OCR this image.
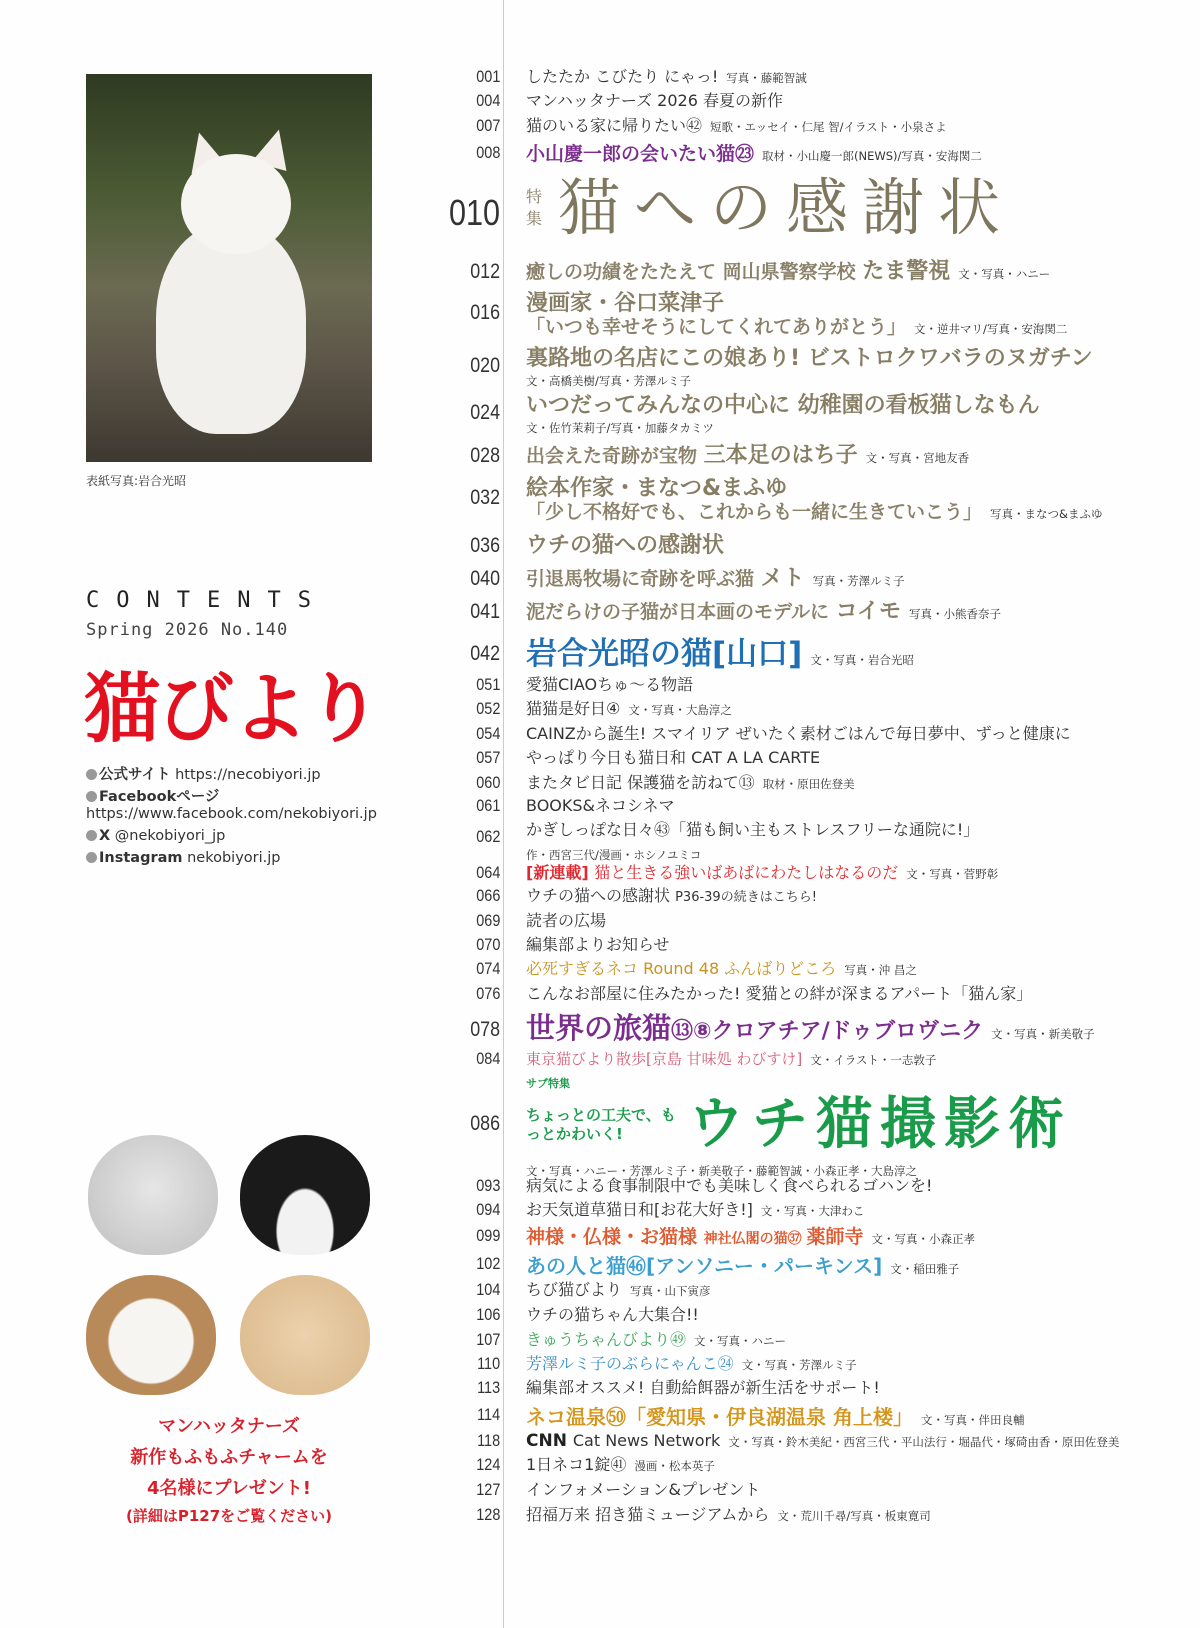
表紙写真:岩合光昭
CONTENTS
Spring 2026 No.140
猫びより
公式サイト https://necobiyori.jp
Facebookページ
https://www.facebook.com/nekobiyori.jp
X @nekobiyori_jp
Instagram nekobiyori.jp
マンハッタナーズ
新作もふもふチャームを
4名様にプレゼント!
(詳細はP127をご覧ください)
001 したたか こびたり にゃっ! 写真・藤範智誠
004 マンハッタナーズ 2026 春夏の新作
007 猫のいる家に帰りたい㊷ 短歌・エッセイ・仁尾 智/イラスト・小泉さよ
008 小山慶一郎の会いたい猫㉓ 取材・小山慶一郎(NEWS)/写真・安海関二
010 特集 猫への感謝状
012 癒しの功績をたたえて 岡山県警察学校 たま警視 文・写真・ハニー
016 漫画家・谷口菜津子
「いつも幸せそうにしてくれてありがとう」 文・逆井マリ/写真・安海関二
020 裏路地の名店にこの娘あり! ビストロクワバラのヌガチン
文・高橋美樹/写真・芳澤ルミ子
024 いつだってみんなの中心に 幼稚園の看板猫しなもん
文・佐竹茉莉子/写真・加藤タカミツ
028 出会えた奇跡が宝物 三本足のはち子 文・写真・宮地友香
032 絵本作家・まなつ&まふゆ
「少し不格好でも、これからも一緒に生きていこう」 写真・まなつ&まふゆ
036 ウチの猫への感謝状
040 引退馬牧場に奇跡を呼ぶ猫 メト 写真・芳澤ルミ子
041 泥だらけの子猫が日本画のモデルに コイモ 写真・小熊香奈子
042 岩合光昭の猫[山口] 文・写真・岩合光昭
051 愛猫CIAOちゅ〜る物語
052 猫猫是好日④ 文・写真・大島淳之
054 CAINZから誕生! スマイリア ぜいたく素材ごはんで毎日夢中、ずっと健康に
057 やっぱり今日も猫日和 CAT A LA CARTE
060 またタビ日記 保護猫を訪ねて⑬ 取材・原田佐登美
061 BOOKS&ネコシネマ
062 かぎしっぽな日々㊸「猫も飼い主もストレスフリーな通院に!」
作・西宮三代/漫画・ホシノユミコ
064 [新連載] 猫と生きる強いばあばにわたしはなるのだ 文・写真・菅野彰
066 ウチの猫への感謝状 P36-39の続きはこちら!
069 読者の広場
070 編集部よりお知らせ
074 必死すぎるネコ Round 48 ふんばりどころ 写真・沖 昌之
076 こんなお部屋に住みたかった! 愛猫との絆が深まるアパート「猫ん家」
078 世界の旅猫⑬⑧クロアチア/ドゥブロヴニク 文・写真・新美敬子
084 東京猫びより散歩[京島 甘味処 わびすけ] 文・イラスト・一志敦子
086
サブ特集
ちょっとの工夫で、もっとかわいく! ウチ猫撮影術
文・写真・ハニー・芳澤ルミ子・新美敬子・藤範智誠・小森正孝・大島淳之
093 病気による食事制限中でも美味しく食べられるゴハンを!
094 お天気道草猫日和[お花大好き!] 文・写真・大津わこ
099 神様・仏様・お猫様 神社仏閣の猫㊲ 薬師寺 文・写真・小森正孝
102 あの人と猫㊻[アンソニー・パーキンス] 文・稲田雅子
104 ちび猫びより 写真・山下寅彦
106 ウチの猫ちゃん大集合!!
107 きゅうちゃんびより㊾ 文・写真・ハニー
110 芳澤ルミ子のぶらにゃんこ㉔ 文・写真・芳澤ルミ子
113 編集部オススメ! 自動給餌器が新生活をサポート!
114 ネコ温泉㊿「愛知県・伊良湖温泉 角上楼」 文・写真・伴田良輔
118 CNN Cat News Network 文・写真・鈴木美紀・西宮三代・平山法行・堀晶代・塚碕由香・原田佐登美
124 1日ネコ1錠㊶ 漫画・松本英子
127 インフォメーション&プレゼント
128 招福万来 招き猫ミュージアムから 文・荒川千尋/写真・板東寛司
